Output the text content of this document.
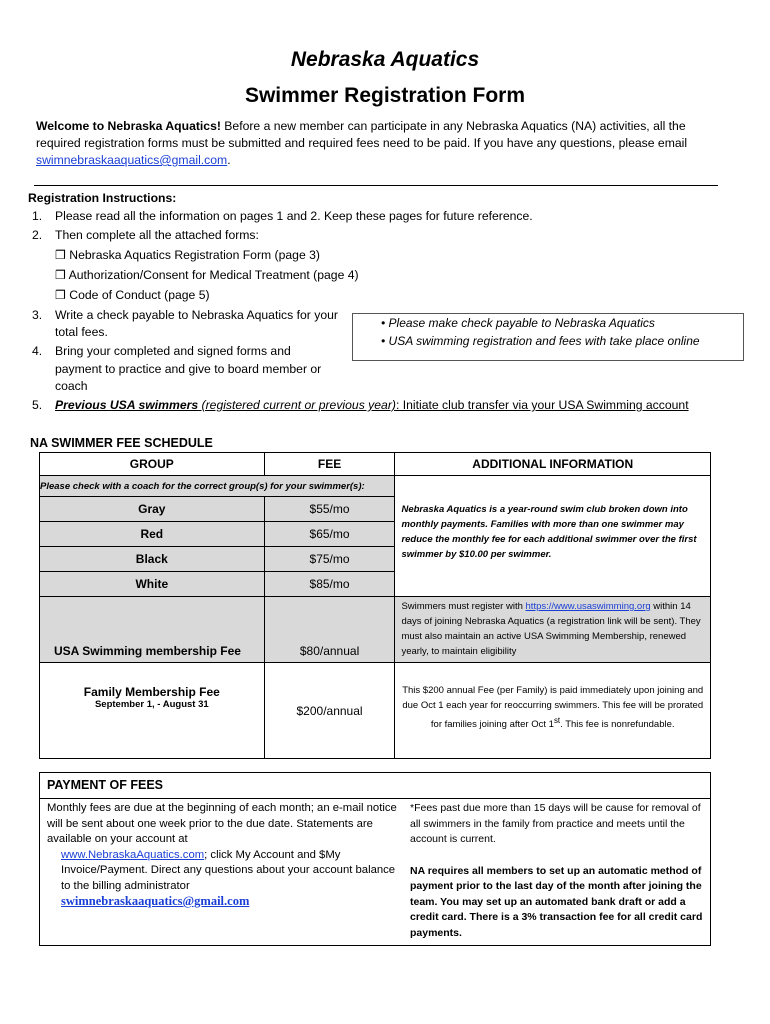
Nebraska Aquatics
Swimmer Registration Form
Welcome to Nebraska Aquatics! Before a new member can participate in any Nebraska Aquatics (NA) activities, all the required registration forms must be submitted and required fees need to be paid. If you have any questions, please email swimnebraskaaquatics@gmail.com.
Registration Instructions:
1. Please read all the information on pages 1 and 2. Keep these pages for future reference.
2. Then complete all the attached forms:
❒ Nebraska Aquatics Registration Form (page 3)
❒ Authorization/Consent for Medical Treatment (page 4)
❒ Code of Conduct (page 5)
3. Write a check payable to Nebraska Aquatics for your
total fees.
4. Bring your completed and signed forms and
payment to practice and give to board member or
coach
5. Previous USA swimmers (registered current or previous year): Initiate club transfer via your USA Swimming account
• Please make check payable to Nebraska Aquatics
• USA swimming registration and fees with take place online
NA SWIMMER FEE SCHEDULE
GROUP	FEE	ADDITIONAL INFORMATION
Please check with a coach for the correct group(s) for your swimmer(s):		Nebraska Aquatics is a year-round swim club broken down into monthly payments. Families with more than one swimmer may reduce the monthly fee for each additional swimmer over the first swimmer by $10.00 per swimmer.

Gray	$55/mo	
Red	$65/mo	
Black	$75/mo	
White	$85/mo	
USA Swimming membership Fee	$80/annual	Swimmers must register with https://www.usaswimming.org within 14 days of joining Nebraska Aquatics (a registration link will be sent). They must also maintain an active USA Swimming Membership, renewed yearly, to maintain eligibility

Family Membership Fee
September 1, - August 31	$200/annual	This $200 annual Fee (per Family) is paid immediately upon joining and due Oct 1 each year for reoccurring swimmers. This fee will be prorated for families joining after Oct 1st. This fee is nonrefundable.
PAYMENT OF FEES
Monthly fees are due at the beginning of each month; an e-mail notice will be sent about one week prior to the due date. Statements are available on your account at
www.NebraskaAquatics.com; click My Account and $My Invoice/Payment. Direct any questions about your account balance to the billing administrator
swimnebraskaaquatics@gmail.com
*Fees past due more than 15 days will be cause for removal of all swimmers in the family from practice and meets until the account is current.
NA requires all members to set up an automatic method of payment prior to the last day of the month after joining the team. You may set up an automated bank draft or add a credit card. There is a 3% transaction fee for all credit card payments.
